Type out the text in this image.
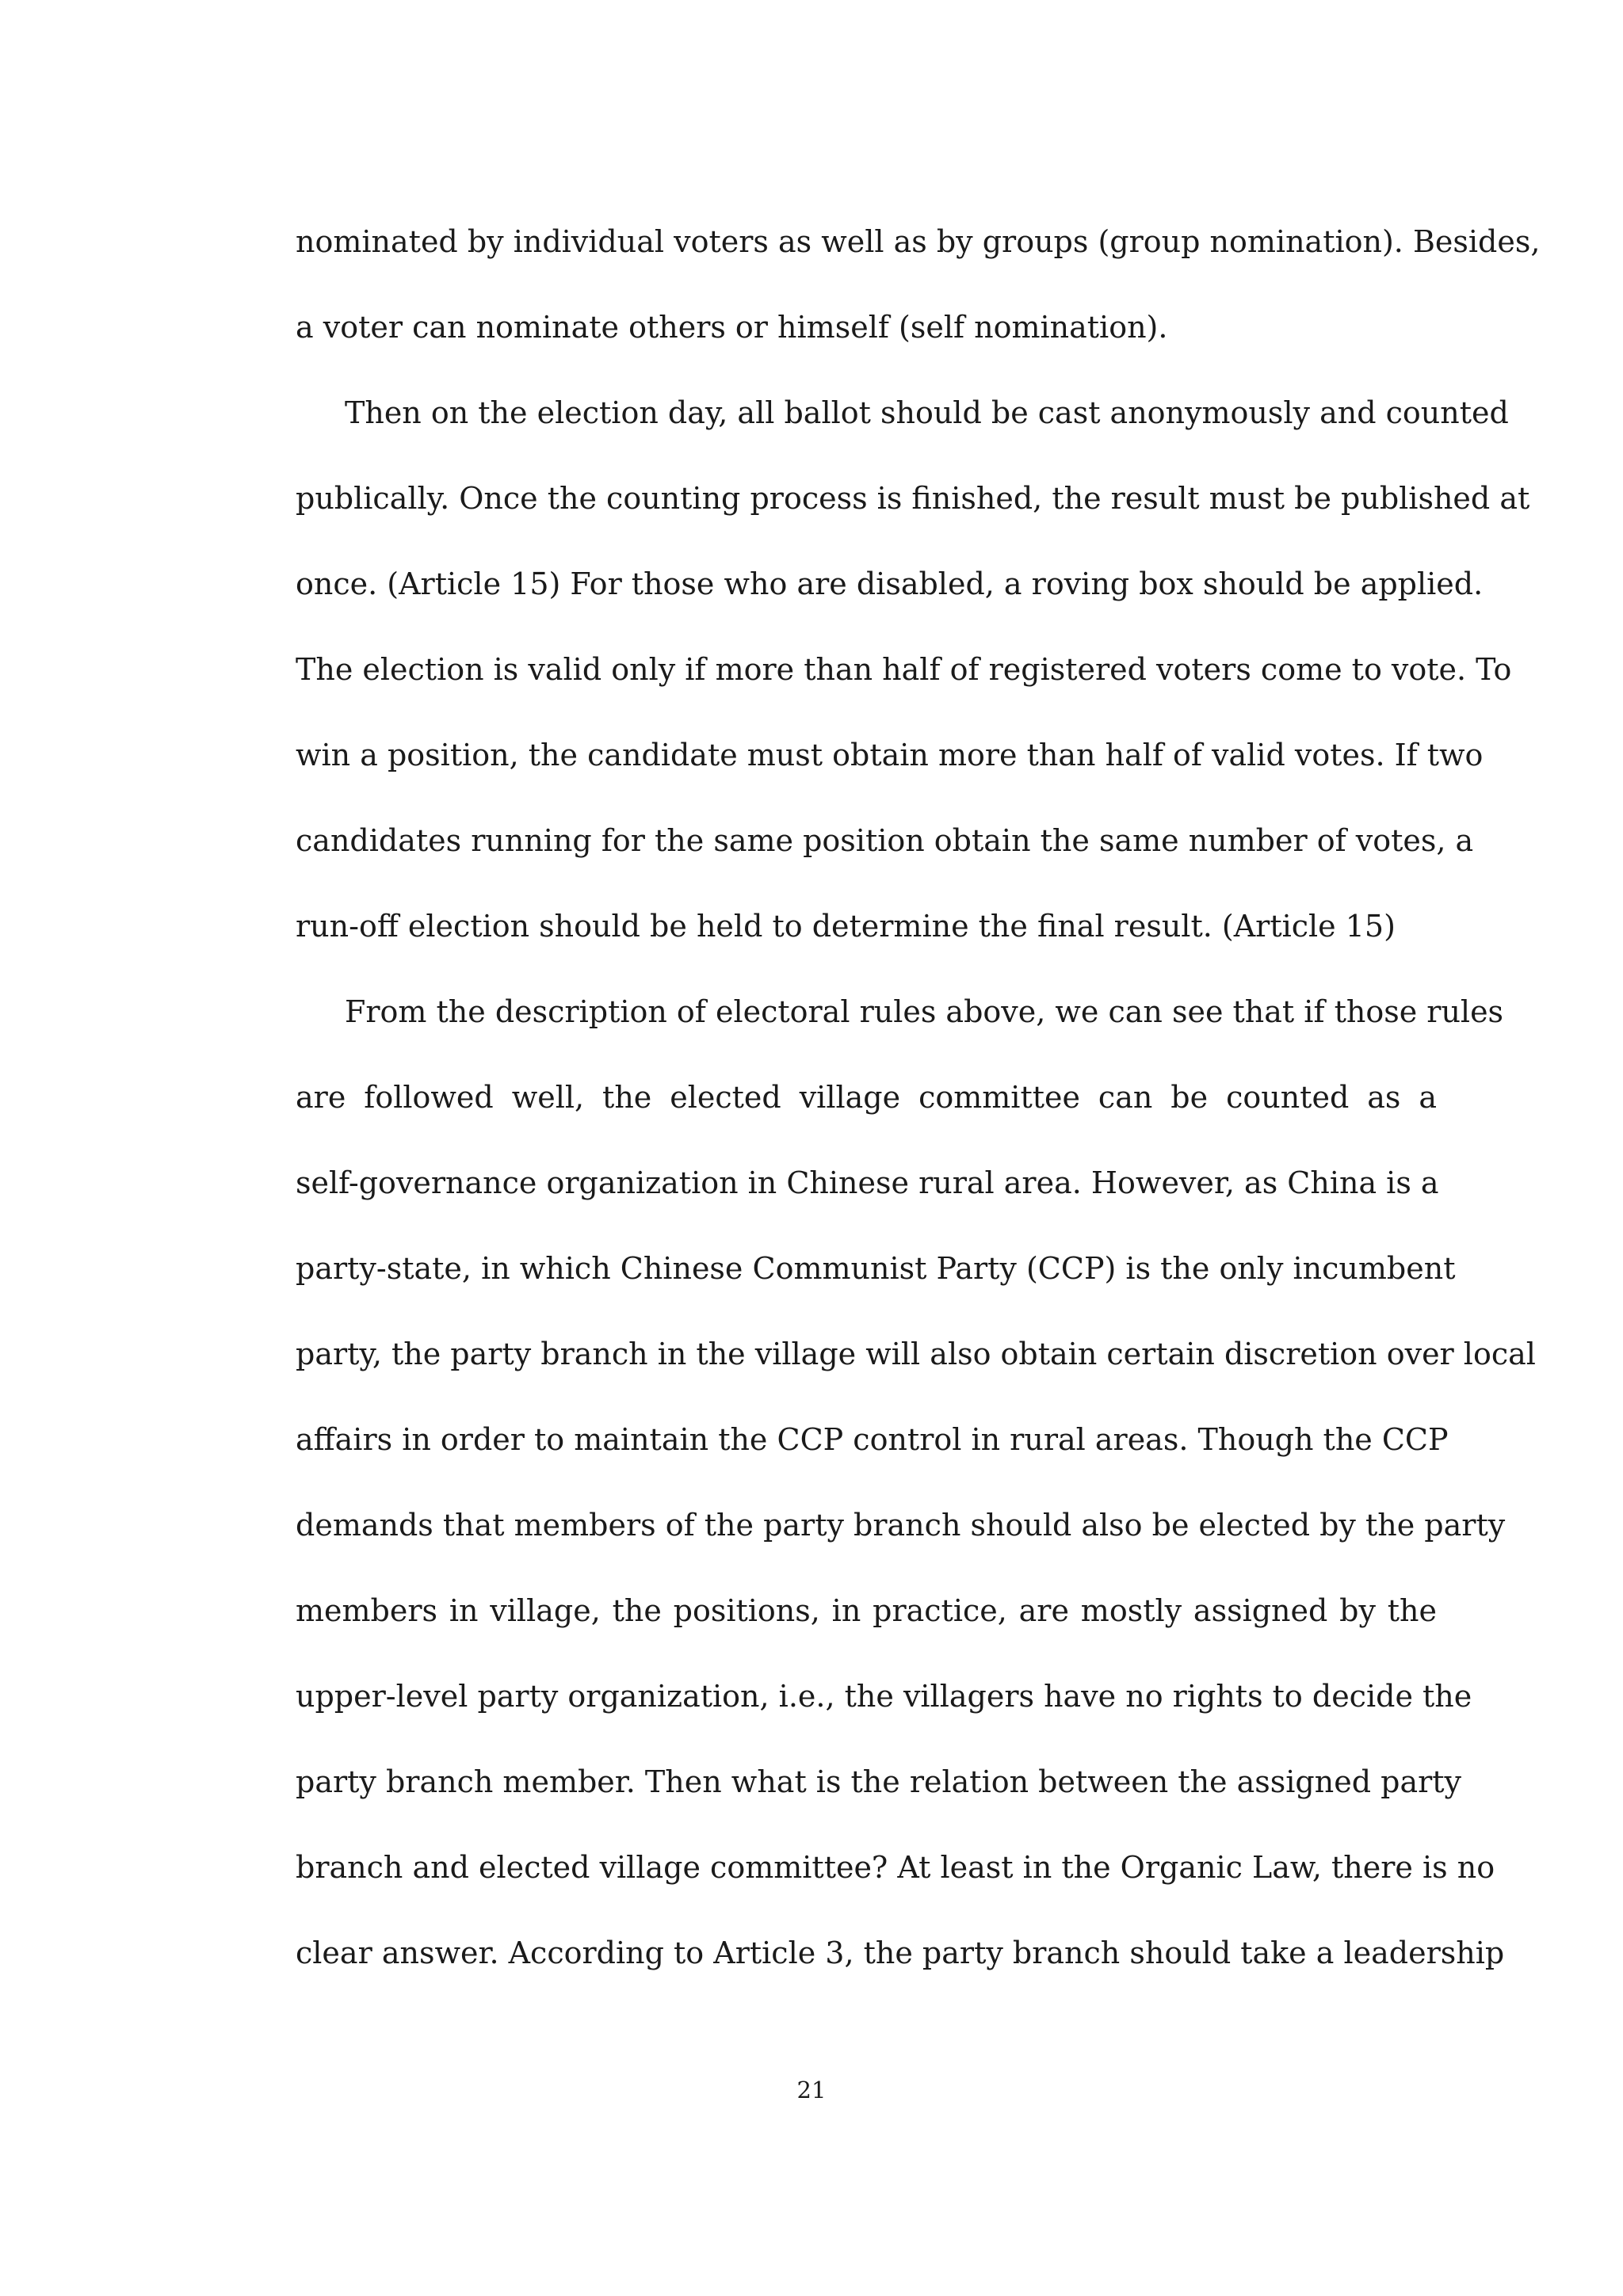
nominated by individual voters as well as by groups (group nomination). Besides,
a voter can nominate others or himself (self nomination).
Then on the election day, all ballot should be cast anonymously and counted
publically. Once the counting process is finished, the result must be published at
once. (Article 15) For those who are disabled, a roving box should be applied.
The election is valid only if more than half of registered voters come to vote. To
win a position, the candidate must obtain more than half of valid votes. If two
candidates running for the same position obtain the same number of votes, a
run-off election should be held to determine the final result. (Article 15)
From the description of electoral rules above, we can see that if those rules
are followed well, the elected village committee can be counted as a
self-governance organization in Chinese rural area. However, as China is a
party-state, in which Chinese Communist Party (CCP) is the only incumbent
party, the party branch in the village will also obtain certain discretion over local
affairs in order to maintain the CCP control in rural areas. Though the CCP
demands that members of the party branch should also be elected by the party
members in village, the positions, in practice, are mostly assigned by the
upper-level party organization, i.e., the villagers have no rights to decide the
party branch member. Then what is the relation between the assigned party
branch and elected village committee? At least in the Organic Law, there is no
clear answer. According to Article 3, the party branch should take a leadership
21
